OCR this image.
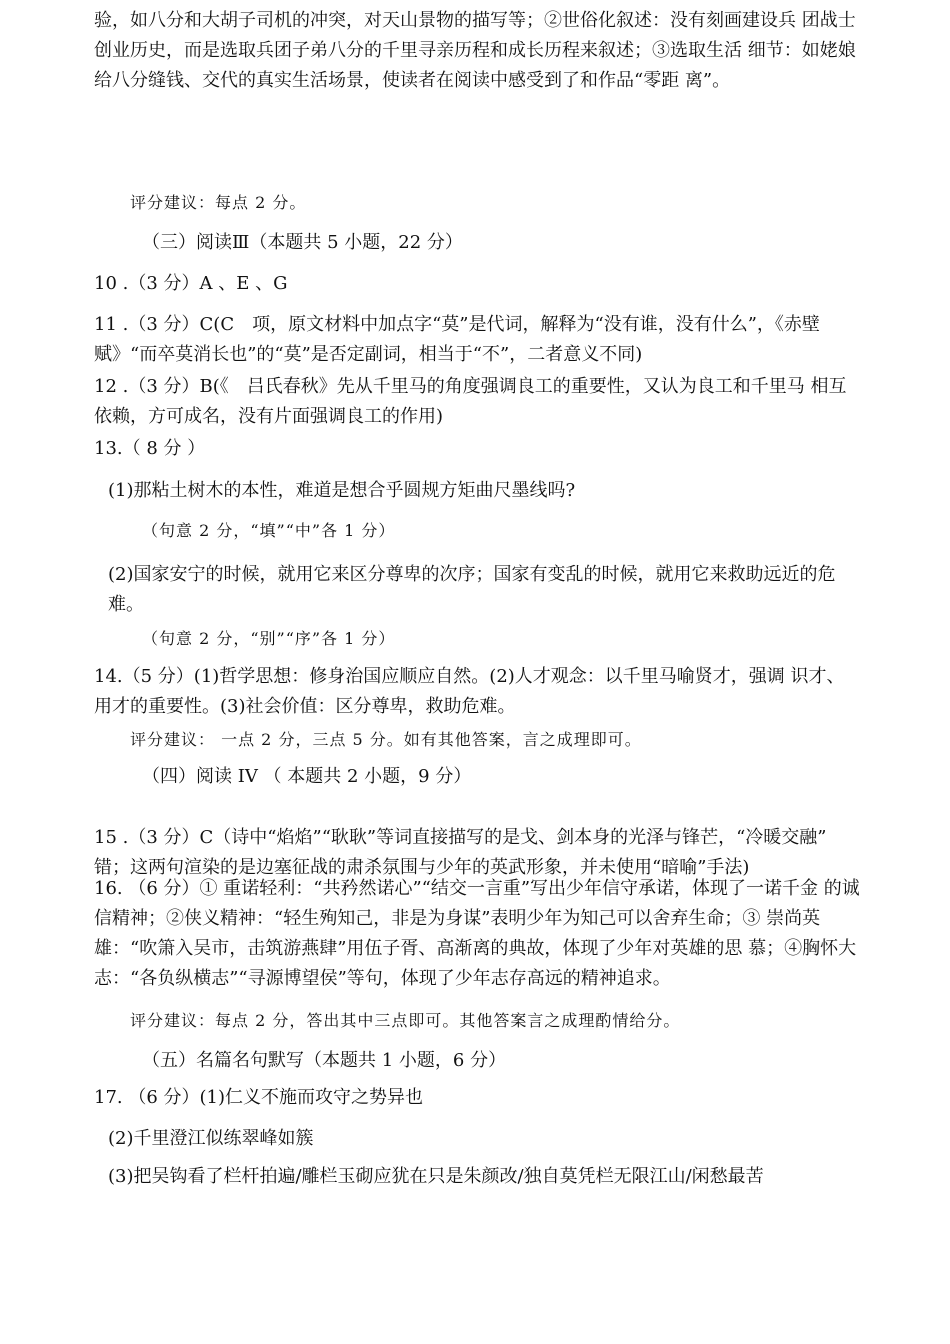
验，如八分和大胡子司机的冲突，对天山景物的描写等；②世俗化叙述：没有刻画建设兵 团战士创业历史，而是选取兵团子弟八分的千里寻亲历程和成长历程来叙述；③选取生活 细节：如姥娘给八分缝钱、交代的真实生活场景，使读者在阅读中感受到了和作品“零距 离”。

评分建议：每点 2 分。

（三）阅读Ⅲ（本题共 5 小题，22 分）

10 .（3 分）A 、E 、G

11 .（3 分）C(C　项，原文材料中加点字“莫”是代词，解释为“没有谁，没有什么”，《赤壁 赋》“而卒莫消长也”的“莫”是否定副词，相当于“不”，二者意义不同)

12 .（3 分）B(《　吕氏春秋》先从千里马的角度强调良工的重要性，又认为良工和千里马 相互依赖，方可成名，没有片面强调良工的作用)

13.（ 8 分 ）

(1)那粘土树木的本性，难道是想合乎圆规方矩曲尺墨线吗?

（句意 2 分，“填”“中”各 1 分）

(2)国家安宁的时候，就用它来区分尊卑的次序；国家有变乱的时候，就用它来救助远近的危难。

（句意 2 分，“别”“序”各 1 分）

14.（5 分）(1)哲学思想：修身治国应顺应自然。(2)人才观念：以千里马喻贤才，强调 识才、用才的重要性。(3)社会价值：区分尊卑，救助危难。

评分建议： 一点 2 分，三点 5 分。如有其他答案，言之成理即可。

（四）阅读 IV （ 本题共 2 小题，9 分）

15 .（3 分）C（诗中“焰焰”“耿耿”等词直接描写的是戈、剑本身的光泽与锋芒，“冷暖交融” 错；这两句渲染的是边塞征战的肃杀氛围与少年的英武形象，并未使用“暗喻”手法)

16. （6 分）① 重诺轻利：“共矜然诺心”“结交一言重”写出少年信守承诺，体现了一诺千金 的诚信精神；②侠义精神：“轻生殉知己，非是为身谋”表明少年为知己可以舍弃生命；③ 崇尚英雄：“吹箫入吴市，击筑游燕肆”用伍子胥、高渐离的典故，体现了少年对英雄的思 慕；④胸怀大志：“各负纵横志”“寻源博望侯”等句，体现了少年志存高远的精神追求。

评分建议：每点 2 分，答出其中三点即可。其他答案言之成理酌情给分。

（五）名篇名句默写（本题共 1 小题，6 分）

17. （6 分）(1)仁义不施而攻守之势异也

(2)千里澄江似练翠峰如簇

(3)把吴钩看了栏杆拍遍/雕栏玉砌应犹在只是朱颜改/独自莫凭栏无限江山/闲愁最苦
